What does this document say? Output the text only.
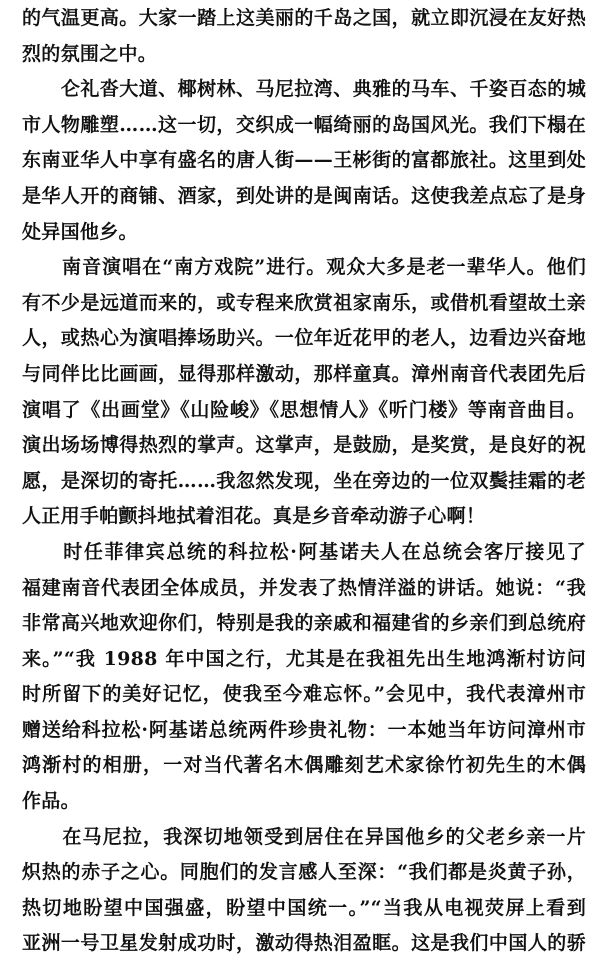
的气温更高。大家一踏上这美丽的千岛之国，就立即沉浸在友好热
烈的氛围之中。
　　仑礼沓大道、椰树林、马尼拉湾、典雅的马车、千姿百态的城
市人物雕塑……这一切，交织成一幅绮丽的岛国风光。我们下榻在
东南亚华人中享有盛名的唐人街——王彬街的富都旅社。这里到处
是华人开的商铺、酒家，到处讲的是闽南话。这使我差点忘了是身
处异国他乡。
　　南音演唱在“南方戏院”进行。观众大多是老一辈华人。他们
有不少是远道而来的，或专程来欣赏祖家南乐，或借机看望故土亲
人，或热心为演唱捧场助兴。一位年近花甲的老人，边看边兴奋地
与同伴比比画画，显得那样激动，那样童真。漳州南音代表团先后
演唱了《出画堂》《山险峻》《思想情人》《听门楼》等南音曲目。
演出场场博得热烈的掌声。这掌声，是鼓励，是奖赏，是良好的祝
愿，是深切的寄托……我忽然发现，坐在旁边的一位双鬓挂霜的老
人正用手帕颤抖地拭着泪花。真是乡音牵动游子心啊！
　　时任菲律宾总统的科拉松·阿基诺夫人在总统会客厅接见了
福建南音代表团全体成员，并发表了热情洋溢的讲话。她说：“我
非常高兴地欢迎你们，特别是我的亲戚和福建省的乡亲们到总统府
来。”“我 1988 年中国之行，尤其是在我祖先出生地鸿渐村访问
时所留下的美好记忆，使我至今难忘怀。”会见中，我代表漳州市
赠送给科拉松·阿基诺总统两件珍贵礼物：一本她当年访问漳州市
鸿渐村的相册，一对当代著名木偶雕刻艺术家徐竹初先生的木偶
作品。
　　在马尼拉，我深切地领受到居住在异国他乡的父老乡亲一片
炽热的赤子之心。同胞们的发言感人至深：“我们都是炎黄子孙，
热切地盼望中国强盛，盼望中国统一。”“当我从电视荧屏上看到
亚洲一号卫星发射成功时，激动得热泪盈眶。这是我们中国人的骄
